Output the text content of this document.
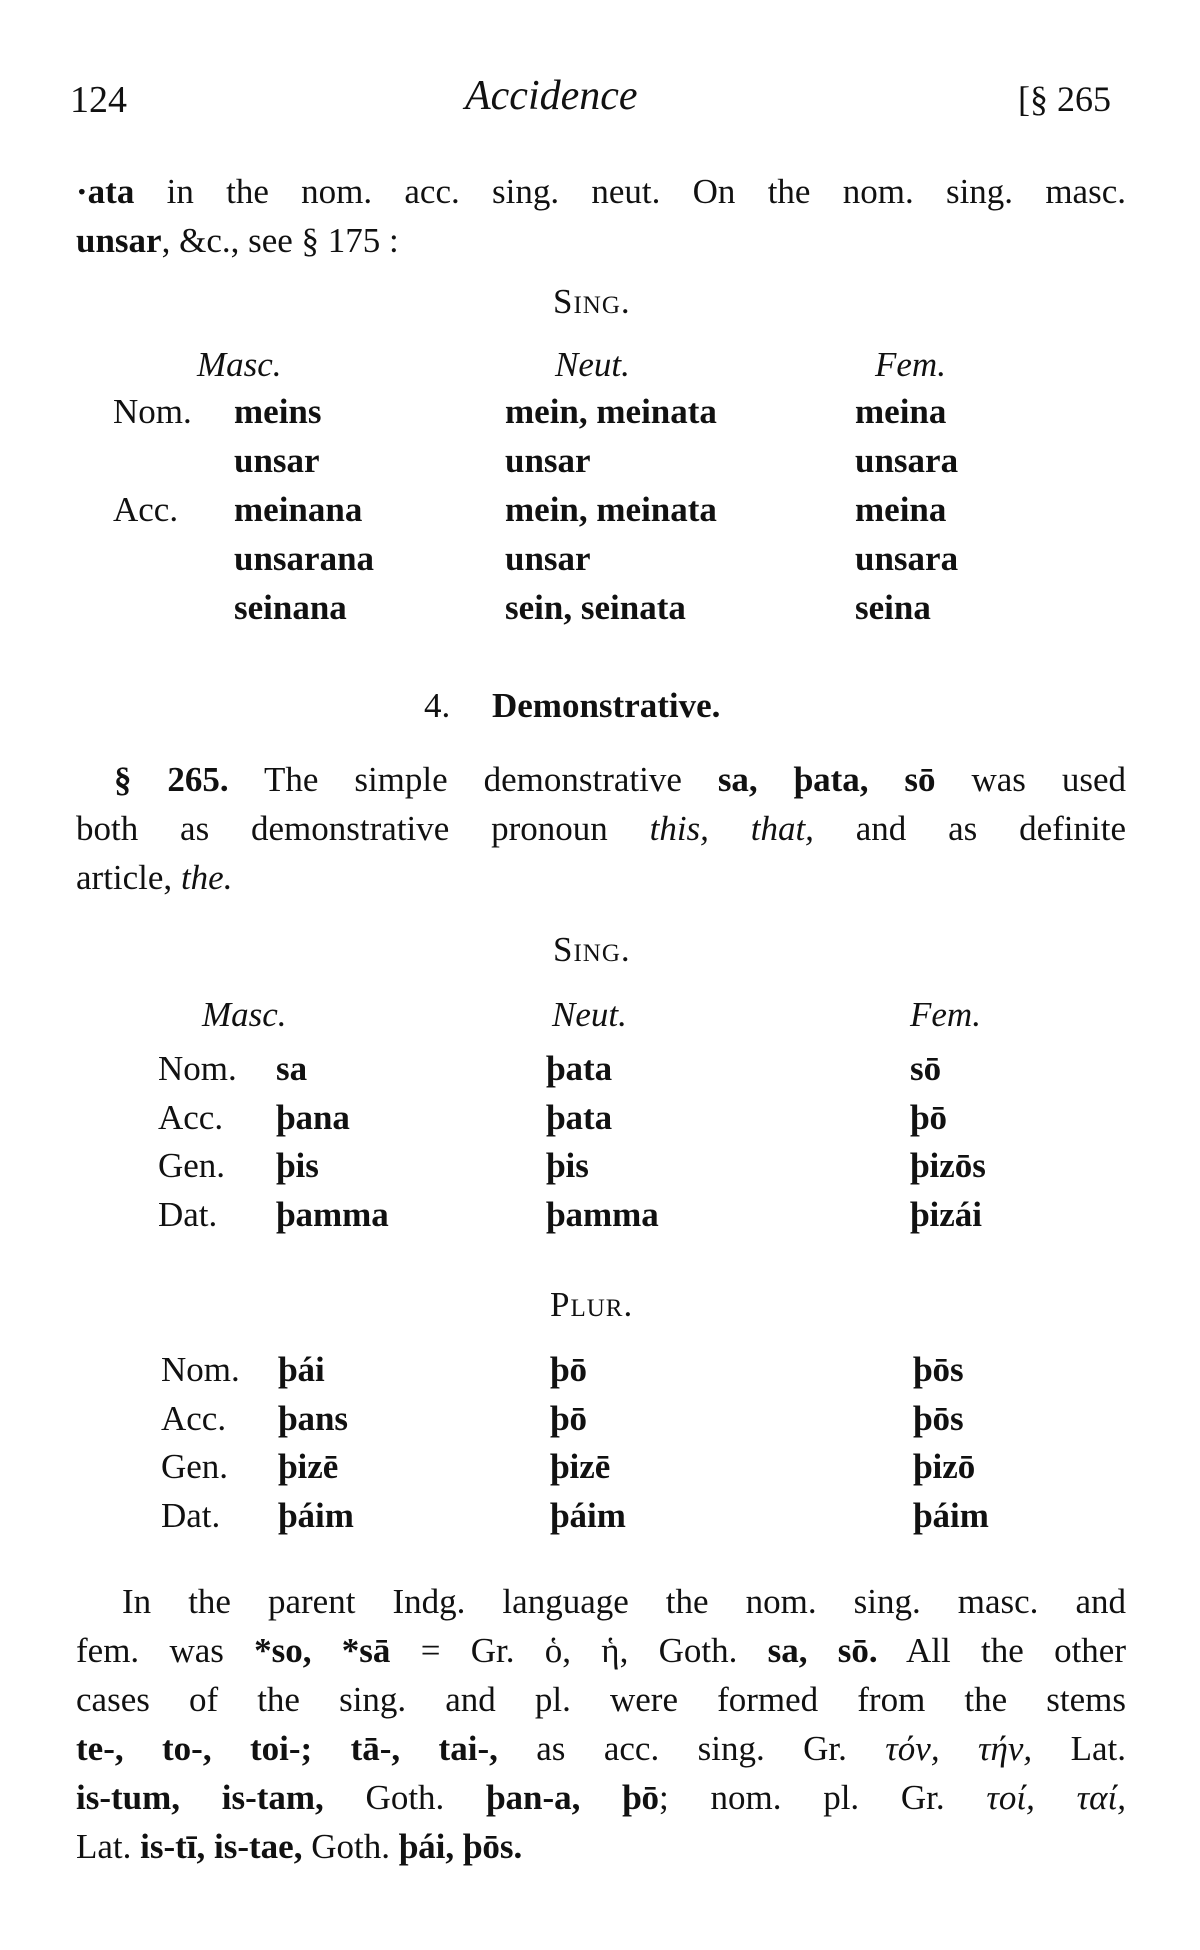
124	Accidence	[§ 265
·ata in the nom. acc. sing. neut. On the nom. sing. masc.
unsar, &c., see § 175 :
Sing.
Masc.	Neut.	Fem.
Nom. meins	mein, meinata	meina
unsar	unsar	unsara
Acc. meinana	mein, meinata	meina
unsarana	unsar	unsara
seinana	sein, seinata	seina
4. Demonstrative.
§ 265. The simple demonstrative sa, þata, sō was used
both as demonstrative pronoun this, that, and as definite
article, the.
Sing.
Masc.	Neut.	Fem.
Nom. sa	þata	sō
Acc. þana	þata	þō
Gen. þis	þis	þizōs
Dat. þamma	þamma	þizái
Plur.
Nom. þái	þō	þōs
Acc. þans	þō	þōs
Gen. þizē	þizē	þizō
Dat. þáim	þáim	þáim
In the parent Indg. language the nom. sing. masc. and
fem. was *so, *sā = Gr. ὁ, ἡ, Goth. sa, sō. All the other
cases of the sing. and pl. were formed from the stems
te-, to-, toi-; tā-, tai-, as acc. sing. Gr. τόν, τήν, Lat.
is-tum, is-tam, Goth. þan-a, þō; nom. pl. Gr. τοί, ταί,
Lat. is-tī, is-tae, Goth. þái, þōs.
